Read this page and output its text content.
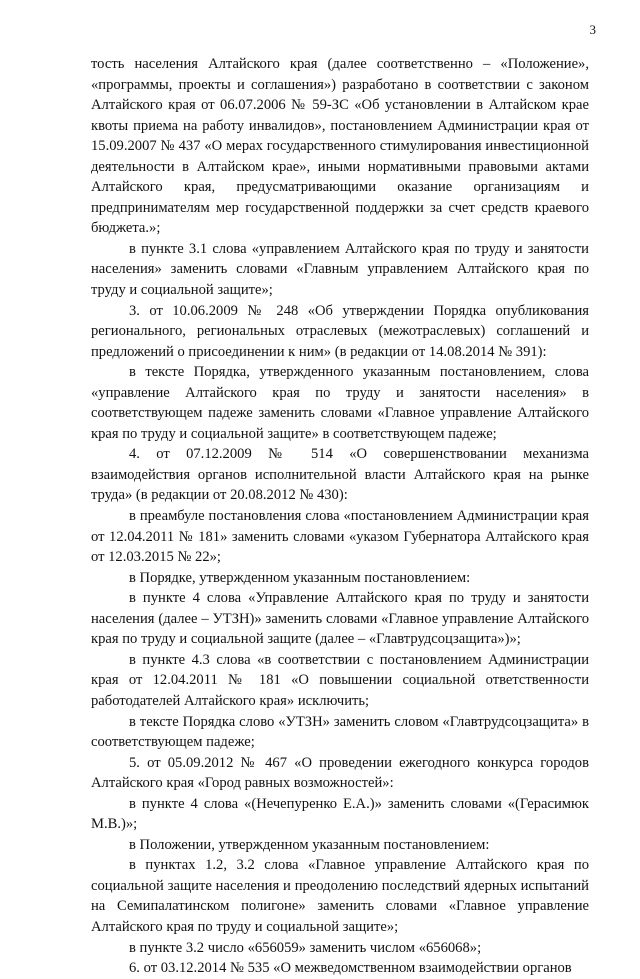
3

тость населения Алтайского края (далее соответственно – «Положение», «программы, проекты и соглашения») разработано в соответствии с законом Алтайского края от 06.07.2006 № 59-ЗС «Об установлении в Алтайском крае квоты приема на работу инвалидов», постановлением Администрации края от 15.09.2007 № 437 «О мерах государственного стимулирования инвестиционной деятельности в Алтайском крае», иными нормативными правовыми актами Алтайского края, предусматривающими оказание организациям и предпринимателям мер государственной поддержки за счет средств краевого бюджета.»;

в пункте 3.1 слова «управлением Алтайского края по труду и занятости населения» заменить словами «Главным управлением Алтайского края по труду и социальной защите»;

3. от 10.06.2009 № 248 «Об утверждении Порядка опубликования регионального, региональных отраслевых (межотраслевых) соглашений и предложений о присоединении к ним» (в редакции от 14.08.2014 № 391):

в тексте Порядка, утвержденного указанным постановлением, слова «управление Алтайского края по труду и занятости населения» в соответствующем падеже заменить словами «Главное управление Алтайского края по труду и социальной защите» в соответствующем падеже;

4. от 07.12.2009 № 514 «О совершенствовании механизма взаимодействия органов исполнительной власти Алтайского края на рынке труда» (в редакции от 20.08.2012 № 430):

в преамбуле постановления слова «постановлением Администрации края от 12.04.2011 № 181» заменить словами «указом Губернатора Алтайского края от 12.03.2015 № 22»;

в Порядке, утвержденном указанным постановлением:

в пункте 4 слова «Управление Алтайского края по труду и занятости населения (далее – УТЗН)» заменить словами «Главное управление Алтайского края по труду и социальной защите (далее – «Главтрудсоцзащита»)»;

в пункте 4.3 слова «в соответствии с постановлением Администрации края от 12.04.2011 № 181 «О повышении социальной ответственности работодателей Алтайского края» исключить;

в тексте Порядка слово «УТЗН» заменить словом «Главтрудсоцзащита» в соответствующем падеже;

5. от 05.09.2012 № 467 «О проведении ежегодного конкурса городов Алтайского края «Город равных возможностей»:

в пункте 4 слова «(Нечепуренко Е.А.)» заменить словами «(Герасимюк М.В.)»;

в Положении, утвержденном указанным постановлением:

в пунктах 1.2, 3.2 слова «Главное управление Алтайского края по социальной защите населения и преодолению последствий ядерных испытаний на Семипалатинском полигоне» заменить словами «Главное управление Алтайского края по труду и социальной защите»;

в пункте 3.2 число «656059» заменить числом «656068»;

6. от 03.12.2014 № 535 «О межведомственном взаимодействии органов
